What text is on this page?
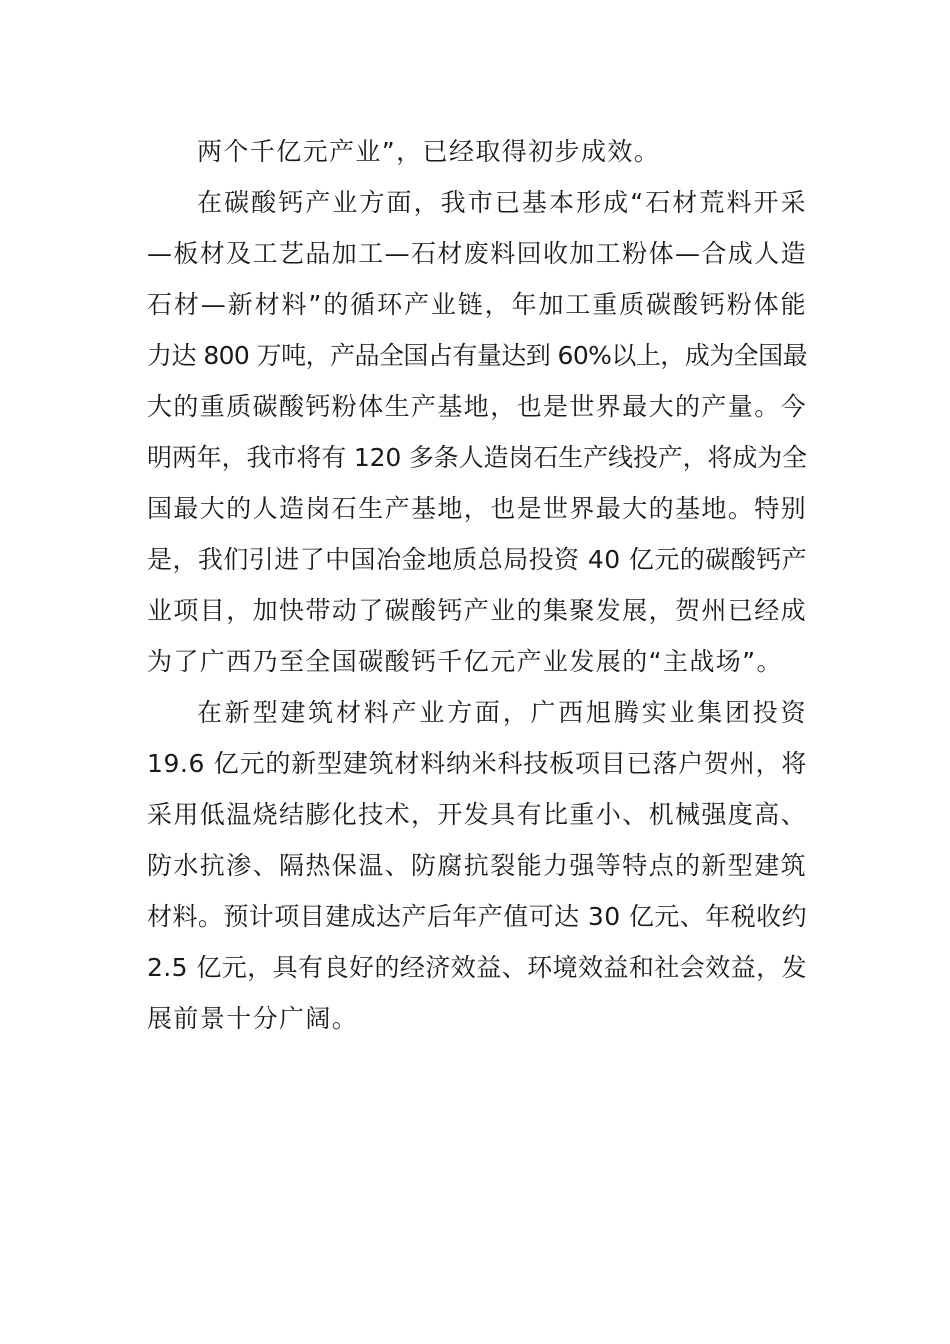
两个千亿元产业”，已经取得初步成效。
在碳酸钙产业方面，我市已基本形成“石材荒料开采
—板材及工艺品加工—石材废料回收加工粉体—合成人造
石材—新材料”的循环产业链，年加工重质碳酸钙粉体能
力达 800 万吨，产品全国占有量达到 60%以上，成为全国最
大的重质碳酸钙粉体生产基地，也是世界最大的产量。今
明两年，我市将有 120 多条人造岗石生产线投产，将成为全
国最大的人造岗石生产基地，也是世界最大的基地。特别
是，我们引进了中国冶金地质总局投资 40 亿元的碳酸钙产
业项目，加快带动了碳酸钙产业的集聚发展，贺州已经成
为了广西乃至全国碳酸钙千亿元产业发展的“主战场”。
在新型建筑材料产业方面，广西旭腾实业集团投资
19.6 亿元的新型建筑材料纳米科技板项目已落户贺州，将
采用低温烧结膨化技术，开发具有比重小、机械强度高、
防水抗渗、隔热保温、防腐抗裂能力强等特点的新型建筑
材料。预计项目建成达产后年产值可达 30 亿元、年税收约
2.5 亿元，具有良好的经济效益、环境效益和社会效益，发
展前景十分广阔。
